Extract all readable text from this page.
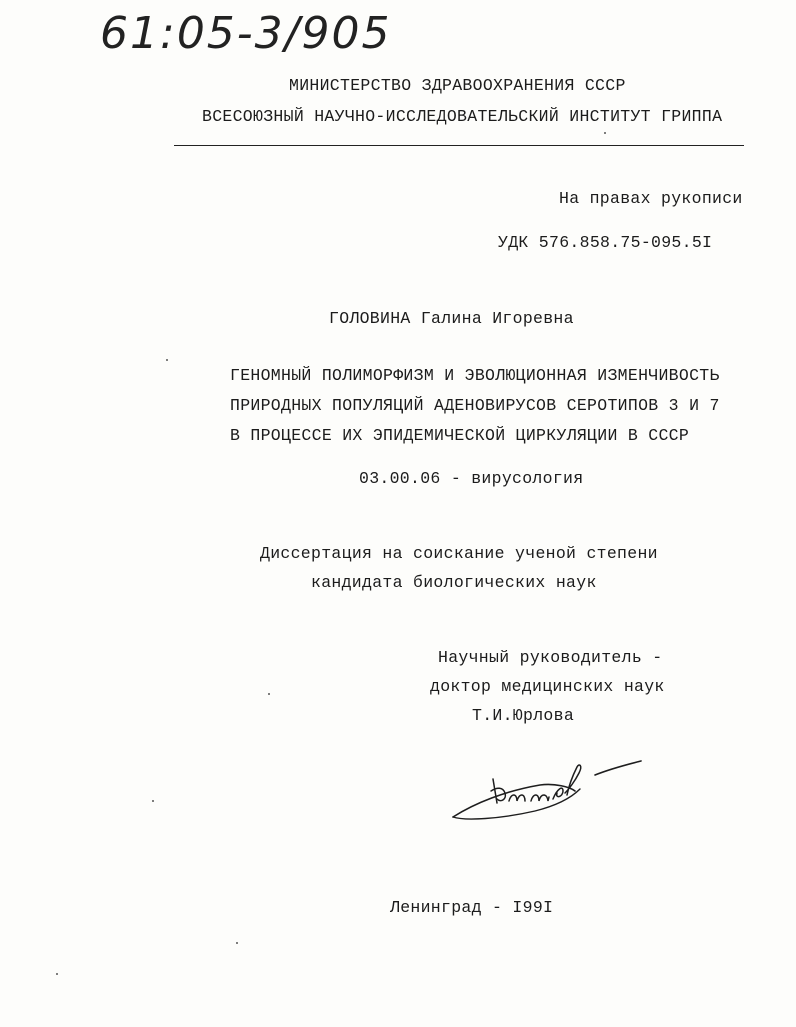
61:05-3/905
МИНИСТЕРСТВО ЗДРАВООХРАНЕНИЯ СССР
ВСЕСОЮЗНЫЙ НАУЧНО-ИССЛЕДОВАТЕЛЬСКИЙ ИНСТИТУТ ГРИППА
На правах рукописи
УДК 576.858.75-095.5I
ГОЛОВИНА Галина Игоревна
ГЕНОМНЫЙ ПОЛИМОРФИЗМ И ЭВОЛЮЦИОННАЯ ИЗМЕНЧИВОСТЬ
ПРИРОДНЫХ ПОПУЛЯЦИЙ АДЕНОВИРУСОВ СЕРОТИПОВ 3 И 7
В ПРОЦЕССЕ ИХ ЭПИДЕМИЧЕСКОЙ ЦИРКУЛЯЦИИ В СССР
03.00.06 - вирусология
Диссертация на соискание ученой степени
кандидата биологических наук
Научный руководитель -
доктор медицинских наук
Т.И.Юрлова
Ленинград - I99I
